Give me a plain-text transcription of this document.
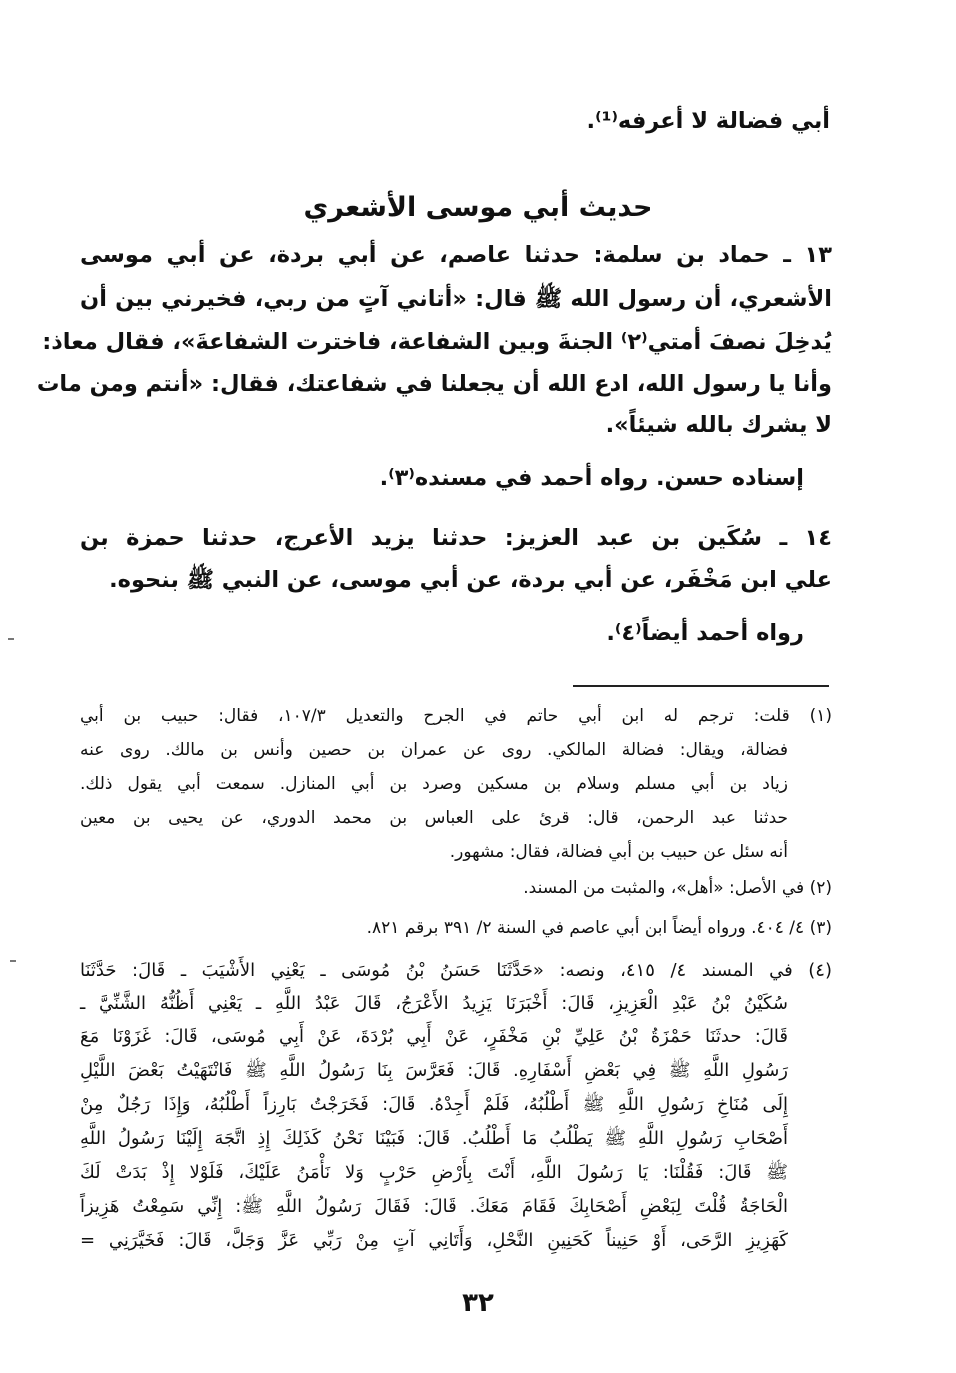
أبي فضالة لا أعرفه⁽¹⁾.
حديث أبي موسى الأشعري
١٣ ـ حماد بن سلمة: حدثنا عاصم، عن أبي بردة، عن أبي موسى
الأشعري، أن رسول الله ﷺ قال: «أتاني آتٍ من ربي، فخيرني بين أن
يُدخِلَ نصفَ أمتي⁽٢⁾ الجنةَ وبين الشفاعة، فاخترت الشفاعةَ»، فقال معاذ:
وأنا يا رسول الله، ادع الله أن يجعلنا في شفاعتك، فقال: «أنتم ومن مات
لا يشرك بالله شيئاً».
إسناده حسن. رواه أحمد في مسنده⁽٣⁾.
١٤ ـ سُكَين بن عبد العزيز: حدثنا يزيد الأعرج، حدثنا حمزة بن
علي ابن مَخْفَر، عن أبي بردة، عن أبي موسى، عن النبي ﷺ بنحوه.
رواه أحمد أيضاً⁽٤⁾.
(١) قلت: ترجم له ابن أبي حاتم في الجرح والتعديل ١٠٧/٣، فقال: حبيب بن أبي
فضالة، ويقال: فضالة المالكي. روى عن عمران بن حصين وأنس بن مالك. روى عنه
زياد بن أبي مسلم وسلام بن مسكين وصرد بن أبي المنازل. سمعت أبي يقول ذلك.
حدثنا عبد الرحمن، قال: قرئ على العباس بن محمد الدوري، عن يحيى بن معين
أنه سئل عن حبيب بن أبي فضالة، فقال: مشهور.
(٢) في الأصل: «أهل»، والمثبت من المسند.
(٣) ٤/ ٤٠٤. ورواه أيضاً ابن أبي عاصم في السنة ٢/ ٣٩١ برقم ٨٢١.
(٤) في المسند ٤/ ٤١٥، ونصه: «حَدَّثَنَا حَسَنُ بْنُ مُوسَى ـ يَعْنِي الأَشْيَبَ ـ قَالَ: حَدَّثَنَا
سُكَيْنُ بْنُ عَبْدِ الْعَزِيزِ، قَالَ: أَخْبَرَنَا يَزِيدُ الأَعْرَجُ، قَالَ عَبْدُ اللَّهِ ـ يَعْنِي أَظُنُّهُ الشَّنِّيَّ ـ
قَالَ: حدثَنَا حَمْزَةُ بْنُ عَلِيِّ بْنِ مَخْفَرٍ، عَنْ أَبِي بُرْدَةَ، عَنْ أَبِي مُوسَى، قَالَ: غَزَوْنَا مَعَ
رَسُولِ اللَّهِ ﷺ فِي بَعْضِ أَسْفَارِهِ. قَالَ: فَعَرَّسَ بِنَا رَسُولُ اللَّهِ ﷺ فَانْتَهَيْتُ بَعْضَ اللَّيْلِ
إِلَى مُنَاخِ رَسُولِ اللَّهِ ﷺ أَطْلُبُهُ، فَلَمْ أَجِدْهُ. قَالَ: فَخَرَجْتُ بَارِزاً أَطْلُبُهُ، وَإِذَا رَجُلٌ مِنْ
أَصْحَابِ رَسُولِ اللَّهِ ﷺ يَطْلُبُ مَا أَطْلُبُ. قَالَ: فَبَيْنَا نَحْنُ كَذَلِكَ إِذِ اتَّجَهَ إِلَيْنَا رَسُولُ اللَّهِ
ﷺ قَالَ: فَقُلْنَا: يَا رَسُولَ اللَّهِ، أَنْتَ بِأَرْضِ حَرْبٍ وَلا نَأْمَنُ عَلَيْكَ، فَلَوْلا إِذْ بَدَتْ لَكَ
الْحَاجَةُ قُلْتَ لِبَعْضِ أَصْحَابِكَ فَقَامَ مَعَكَ. قَالَ: فَقَالَ رَسُولُ اللَّهِ ﷺ: إِنِّي سَمِعْتُ هَزِيزاً
كَهَزِيزِ الرَّحَى، أَوْ حَنِيناً كَحَنِينِ النَّحْلِ، وَأَتَانِي آتٍ مِنْ رَبِّي عَزَّ وَجَلَّ، قَالَ: فَخَيَّرَنِي =
٣٢
